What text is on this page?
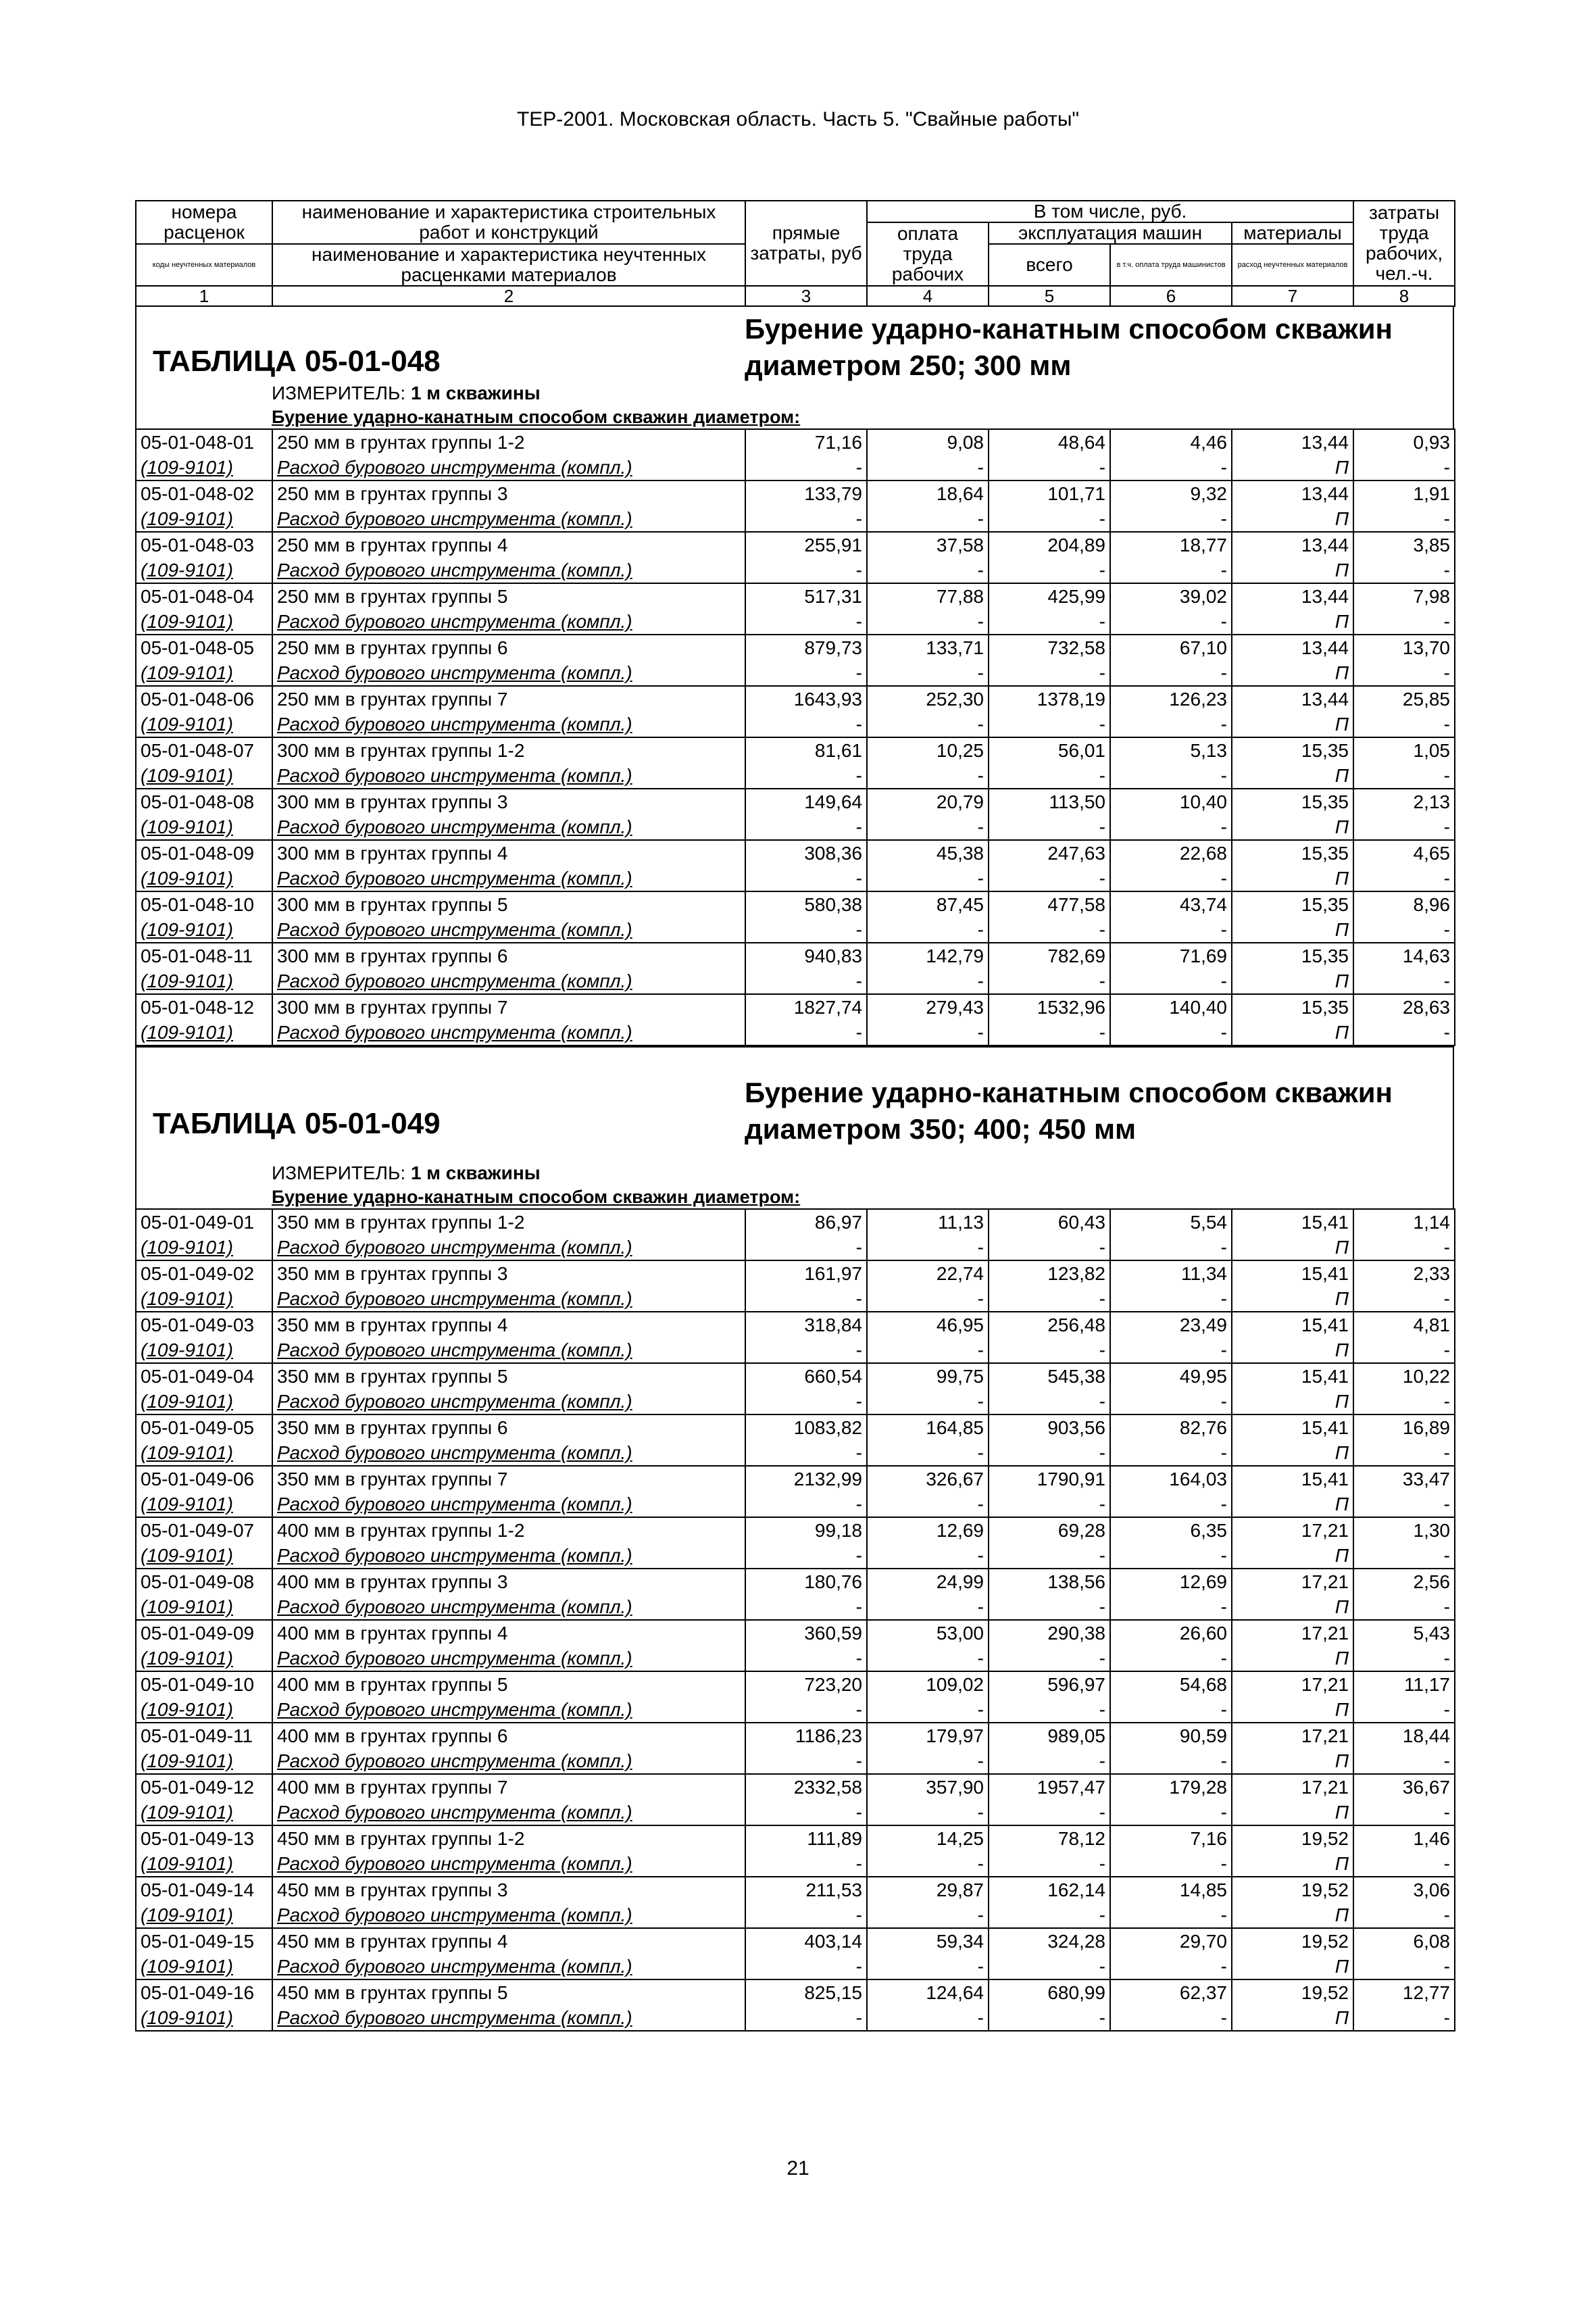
ТЕР-2001. Московская область. Часть 5. "Свайные работы"
номера расценок	наименование и характеристика строительных работ и конструкций	прямые затраты, руб	В том числе, руб.				затраты труда рабочих, чел.-ч.
			оплата труда рабочих	эксплуатация машин		материалы	
коды неучтенных материалов	наименование и характеристика неучтенных расценками материалов			всего	в т.ч. оплата труда машинистов	расход неучтенных материалов	

1	2	3	4	5	6	7	8
ТАБЛИЦА 05-01-048
Бурение ударно-канатным способом скважин диаметром 250; 300 мм
ИЗМЕРИТЕЛЬ: 1 м скважины
Бурение ударно-канатным способом скважин диаметром:
05-01-048-01	250 мм в грунтах группы 1-2	71,16	9,08	48,64	4,46	13,44	0,93
(109-9101)	Расход бурового инструмента (компл.)	-	-	-	-	П	-
05-01-048-02	250 мм в грунтах группы 3	133,79	18,64	101,71	9,32	13,44	1,91
(109-9101)	Расход бурового инструмента (компл.)	-	-	-	-	П	-
05-01-048-03	250 мм в грунтах группы 4	255,91	37,58	204,89	18,77	13,44	3,85
(109-9101)	Расход бурового инструмента (компл.)	-	-	-	-	П	-
05-01-048-04	250 мм в грунтах группы 5	517,31	77,88	425,99	39,02	13,44	7,98
(109-9101)	Расход бурового инструмента (компл.)	-	-	-	-	П	-
05-01-048-05	250 мм в грунтах группы 6	879,73	133,71	732,58	67,10	13,44	13,70
(109-9101)	Расход бурового инструмента (компл.)	-	-	-	-	П	-
05-01-048-06	250 мм в грунтах группы 7	1643,93	252,30	1378,19	126,23	13,44	25,85
(109-9101)	Расход бурового инструмента (компл.)	-	-	-	-	П	-
05-01-048-07	300 мм в грунтах группы 1-2	81,61	10,25	56,01	5,13	15,35	1,05
(109-9101)	Расход бурового инструмента (компл.)	-	-	-	-	П	-
05-01-048-08	300 мм в грунтах группы 3	149,64	20,79	113,50	10,40	15,35	2,13
(109-9101)	Расход бурового инструмента (компл.)	-	-	-	-	П	-
05-01-048-09	300 мм в грунтах группы 4	308,36	45,38	247,63	22,68	15,35	4,65
(109-9101)	Расход бурового инструмента (компл.)	-	-	-	-	П	-
05-01-048-10	300 мм в грунтах группы 5	580,38	87,45	477,58	43,74	15,35	8,96
(109-9101)	Расход бурового инструмента (компл.)	-	-	-	-	П	-
05-01-048-11	300 мм в грунтах группы 6	940,83	142,79	782,69	71,69	15,35	14,63
(109-9101)	Расход бурового инструмента (компл.)	-	-	-	-	П	-
05-01-048-12	300 мм в грунтах группы 7	1827,74	279,43	1532,96	140,40	15,35	28,63
(109-9101)	Расход бурового инструмента (компл.)	-	-	-	-	П	-
ТАБЛИЦА 05-01-049
Бурение ударно-канатным способом скважин диаметром 350; 400; 450 мм
ИЗМЕРИТЕЛЬ: 1 м скважины
Бурение ударно-канатным способом скважин диаметром:
05-01-049-01	350 мм в грунтах группы 1-2	86,97	11,13	60,43	5,54	15,41	1,14
(109-9101)	Расход бурового инструмента (компл.)	-	-	-	-	П	-
05-01-049-02	350 мм в грунтах группы 3	161,97	22,74	123,82	11,34	15,41	2,33
(109-9101)	Расход бурового инструмента (компл.)	-	-	-	-	П	-
05-01-049-03	350 мм в грунтах группы 4	318,84	46,95	256,48	23,49	15,41	4,81
(109-9101)	Расход бурового инструмента (компл.)	-	-	-	-	П	-
05-01-049-04	350 мм в грунтах группы 5	660,54	99,75	545,38	49,95	15,41	10,22
(109-9101)	Расход бурового инструмента (компл.)	-	-	-	-	П	-
05-01-049-05	350 мм в грунтах группы 6	1083,82	164,85	903,56	82,76	15,41	16,89
(109-9101)	Расход бурового инструмента (компл.)	-	-	-	-	П	-
05-01-049-06	350 мм в грунтах группы 7	2132,99	326,67	1790,91	164,03	15,41	33,47
(109-9101)	Расход бурового инструмента (компл.)	-	-	-	-	П	-
05-01-049-07	400 мм в грунтах группы 1-2	99,18	12,69	69,28	6,35	17,21	1,30
(109-9101)	Расход бурового инструмента (компл.)	-	-	-	-	П	-
05-01-049-08	400 мм в грунтах группы 3	180,76	24,99	138,56	12,69	17,21	2,56
(109-9101)	Расход бурового инструмента (компл.)	-	-	-	-	П	-
05-01-049-09	400 мм в грунтах группы 4	360,59	53,00	290,38	26,60	17,21	5,43
(109-9101)	Расход бурового инструмента (компл.)	-	-	-	-	П	-
05-01-049-10	400 мм в грунтах группы 5	723,20	109,02	596,97	54,68	17,21	11,17
(109-9101)	Расход бурового инструмента (компл.)	-	-	-	-	П	-
05-01-049-11	400 мм в грунтах группы 6	1186,23	179,97	989,05	90,59	17,21	18,44
(109-9101)	Расход бурового инструмента (компл.)	-	-	-	-	П	-
05-01-049-12	400 мм в грунтах группы 7	2332,58	357,90	1957,47	179,28	17,21	36,67
(109-9101)	Расход бурового инструмента (компл.)	-	-	-	-	П	-
05-01-049-13	450 мм в грунтах группы 1-2	111,89	14,25	78,12	7,16	19,52	1,46
(109-9101)	Расход бурового инструмента (компл.)	-	-	-	-	П	-
05-01-049-14	450 мм в грунтах группы 3	211,53	29,87	162,14	14,85	19,52	3,06
(109-9101)	Расход бурового инструмента (компл.)	-	-	-	-	П	-
05-01-049-15	450 мм в грунтах группы 4	403,14	59,34	324,28	29,70	19,52	6,08
(109-9101)	Расход бурового инструмента (компл.)	-	-	-	-	П	-
05-01-049-16	450 мм в грунтах группы 5	825,15	124,64	680,99	62,37	19,52	12,77
(109-9101)	Расход бурового инструмента (компл.)	-	-	-	-	П	-
21
